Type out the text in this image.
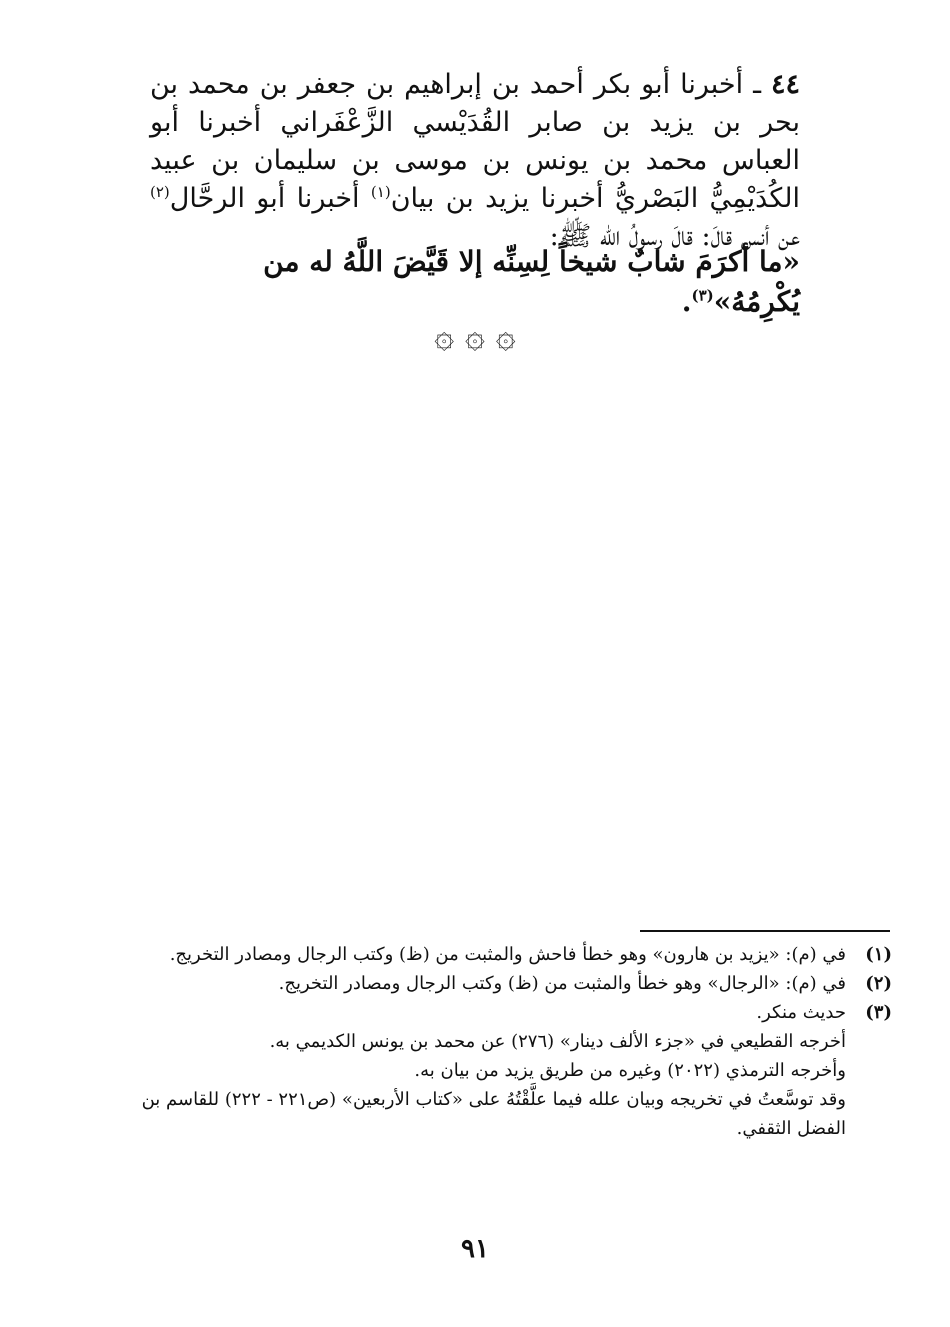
٤٤ ـ أخبرنا أبو بكر أحمد بن إبراهيم بن جعفر بن محمد بن بحر بن يزيد بن صابر القُدَيْسي الزَّعْفَراني أخبرنا أبو العباس محمد بن يونس بن موسى بن سليمان بن عبيد الكُدَيْمِيُّ البَصْريُّ أخبرنا يزيد بن بيان$^{(١)}$ أخبرنا أبو الرحَّال$^{(٢)}$ عن أنس قالَ: قالَ رسولُ الله ﷺ:

«ما أكرَمَ شابٌ شيخاً لِسِنِّه إلا قَيَّضَ اللَّهُ له من يُكْرِمُهُ»$^{(٣)}$.
۞ ۞ ۞
(١)

في (م): «يزيد بن هارون» وهو خطأ فاحش والمثبت من (ظ) وكتب الرجال ومصادر التخريج.

(٢)

في (م): «الرجال» وهو خطأ والمثبت من (ظ) وكتب الرجال ومصادر التخريج.

(٣)

حديث منكر.

أخرجه القطيعي في «جزء الألف دينار» (٢٧٦) عن محمد بن يونس الكديمي به.

وأخرجه الترمذي (٢٠٢٢) وغيره من طريق يزيد من بيان به.

وقد توسَّعتُ في تخريجه وبيان علله فيما علَّقْتُهُ على «كتاب الأربعين» (ص٢٢١ - ٢٢٢) للقاسم بن الفضل الثقفي.

٩١
